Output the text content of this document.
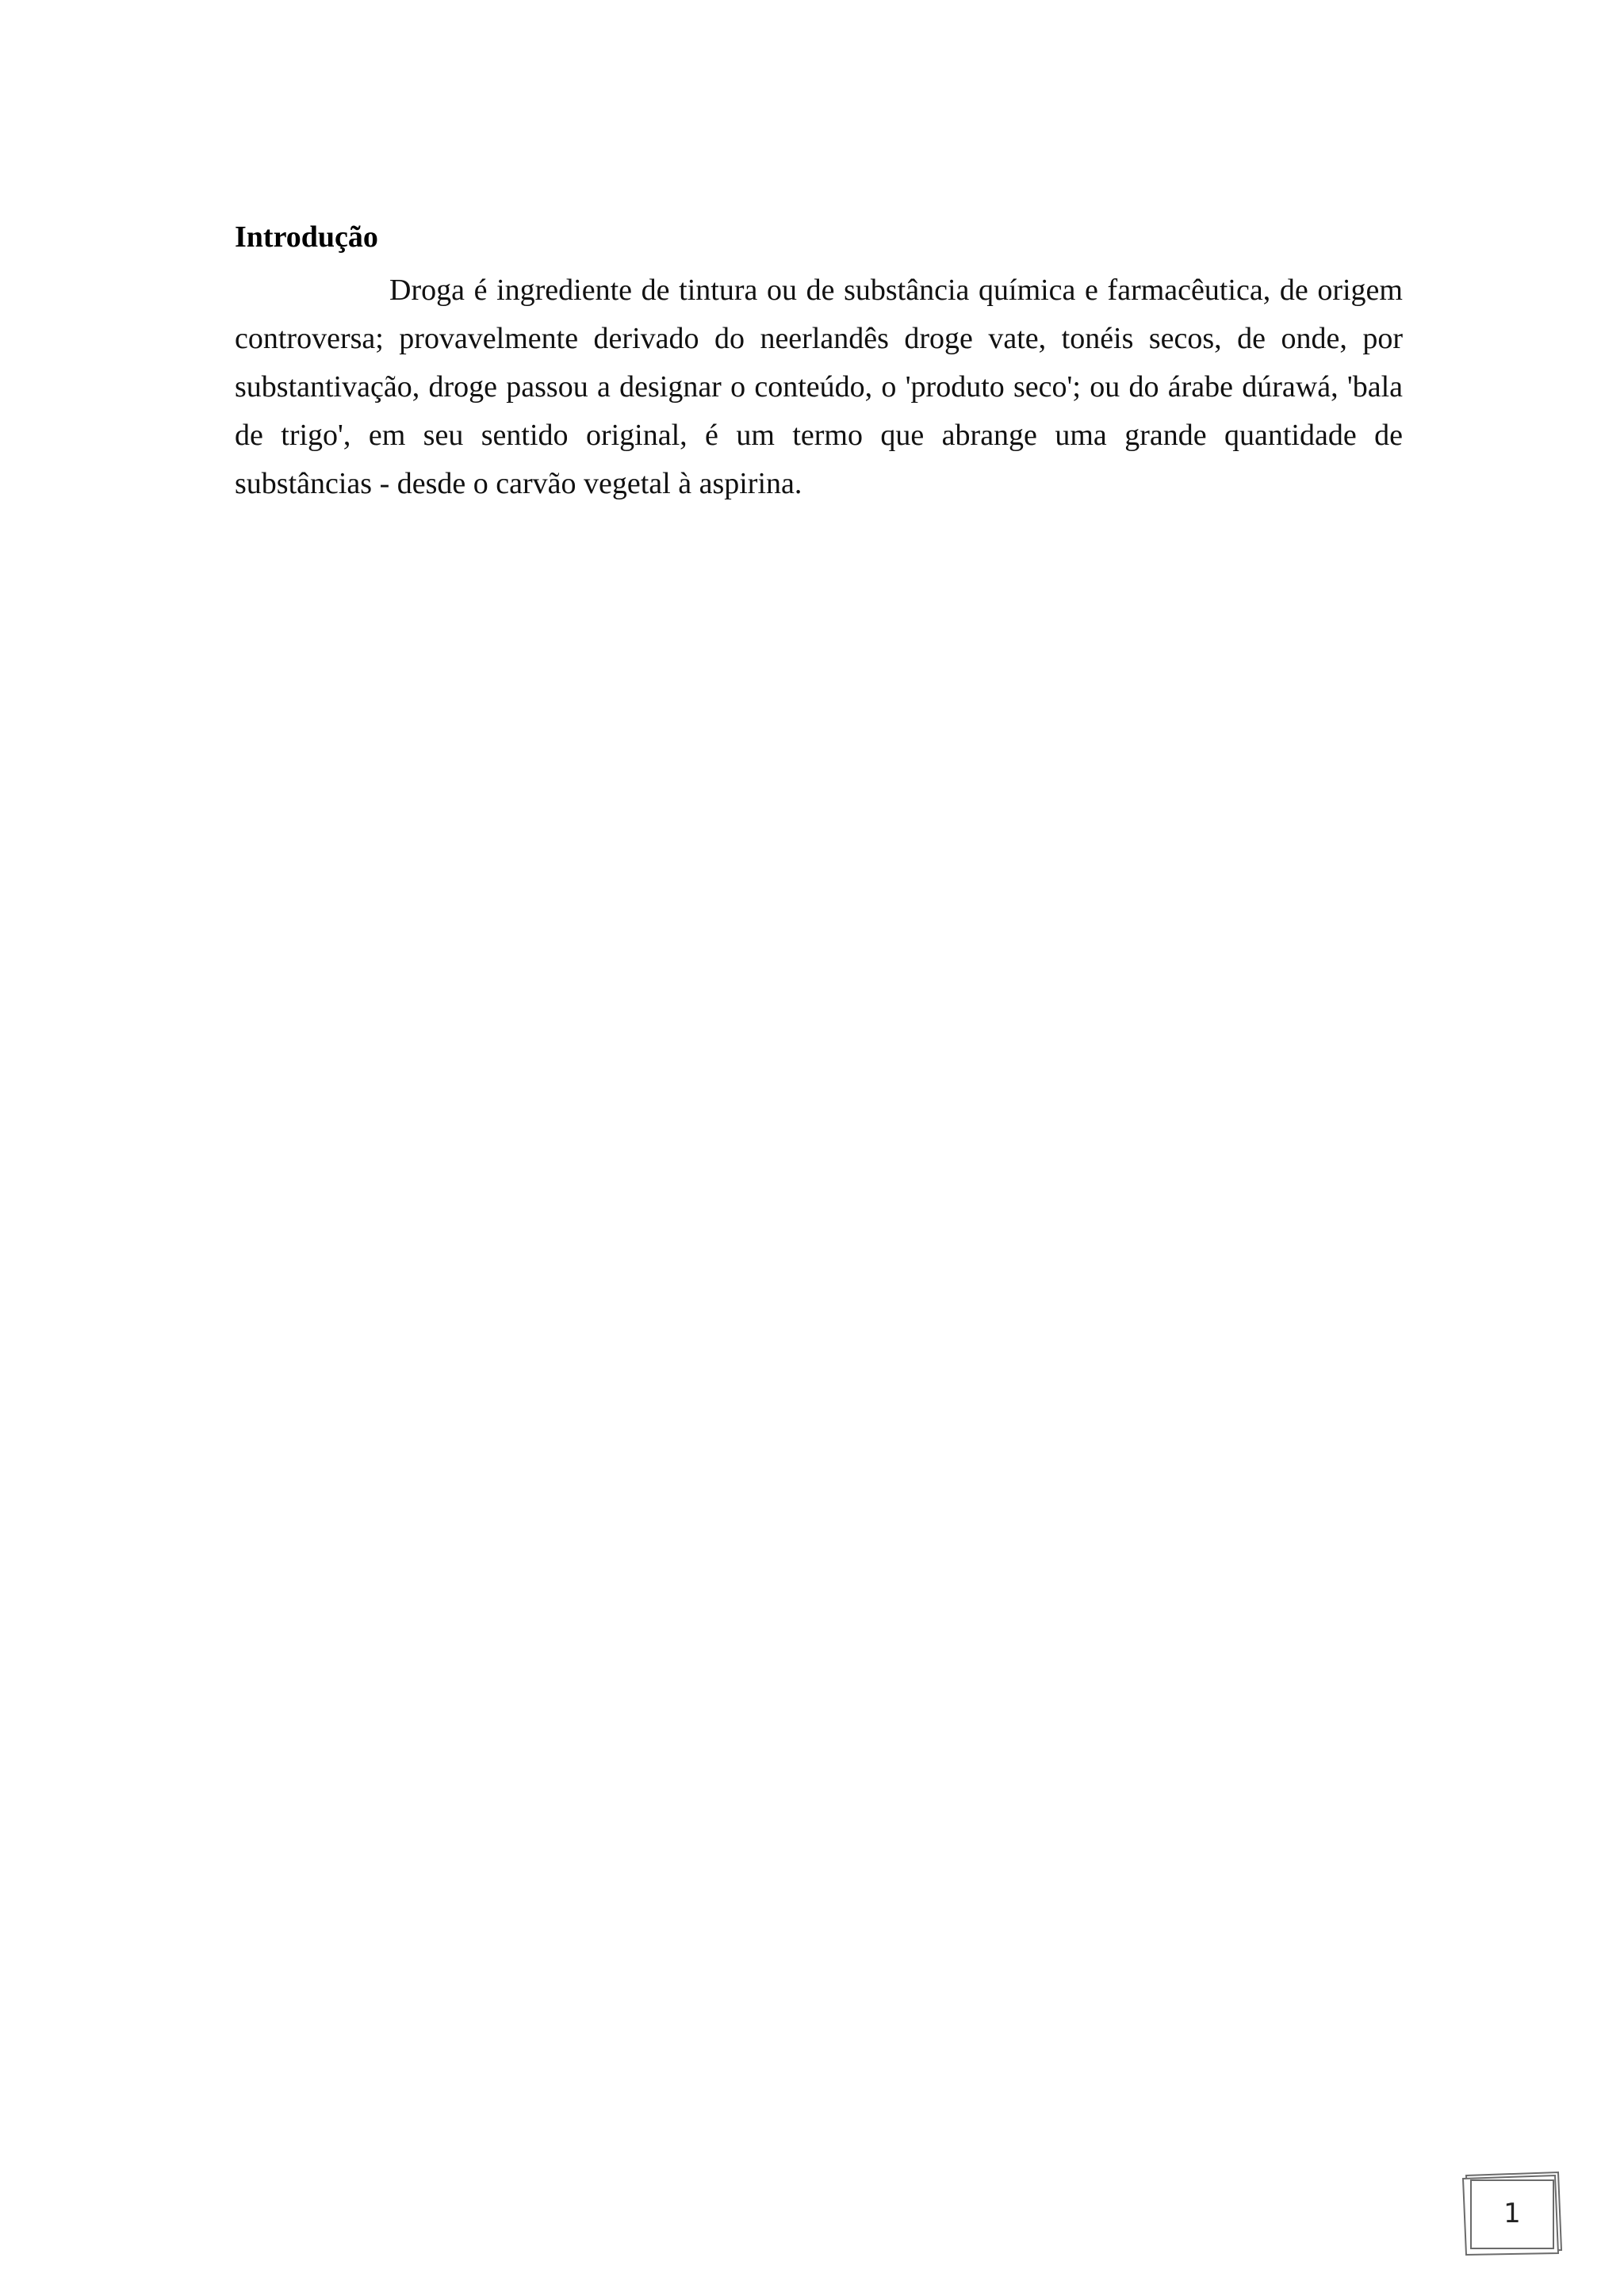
Introdução

Droga é ingrediente de tintura ou de substância química e farmacêutica, de origem controversa; provavelmente derivado do neerlandês droge vate, tonéis secos, de onde, por substantivação, droge passou a designar o conteúdo, o 'produto seco'; ou do árabe dúrawá, 'bala de trigo', em seu sentido original, é um termo que abrange uma grande quantidade de substâncias - desde o carvão vegetal à aspirina.

1
